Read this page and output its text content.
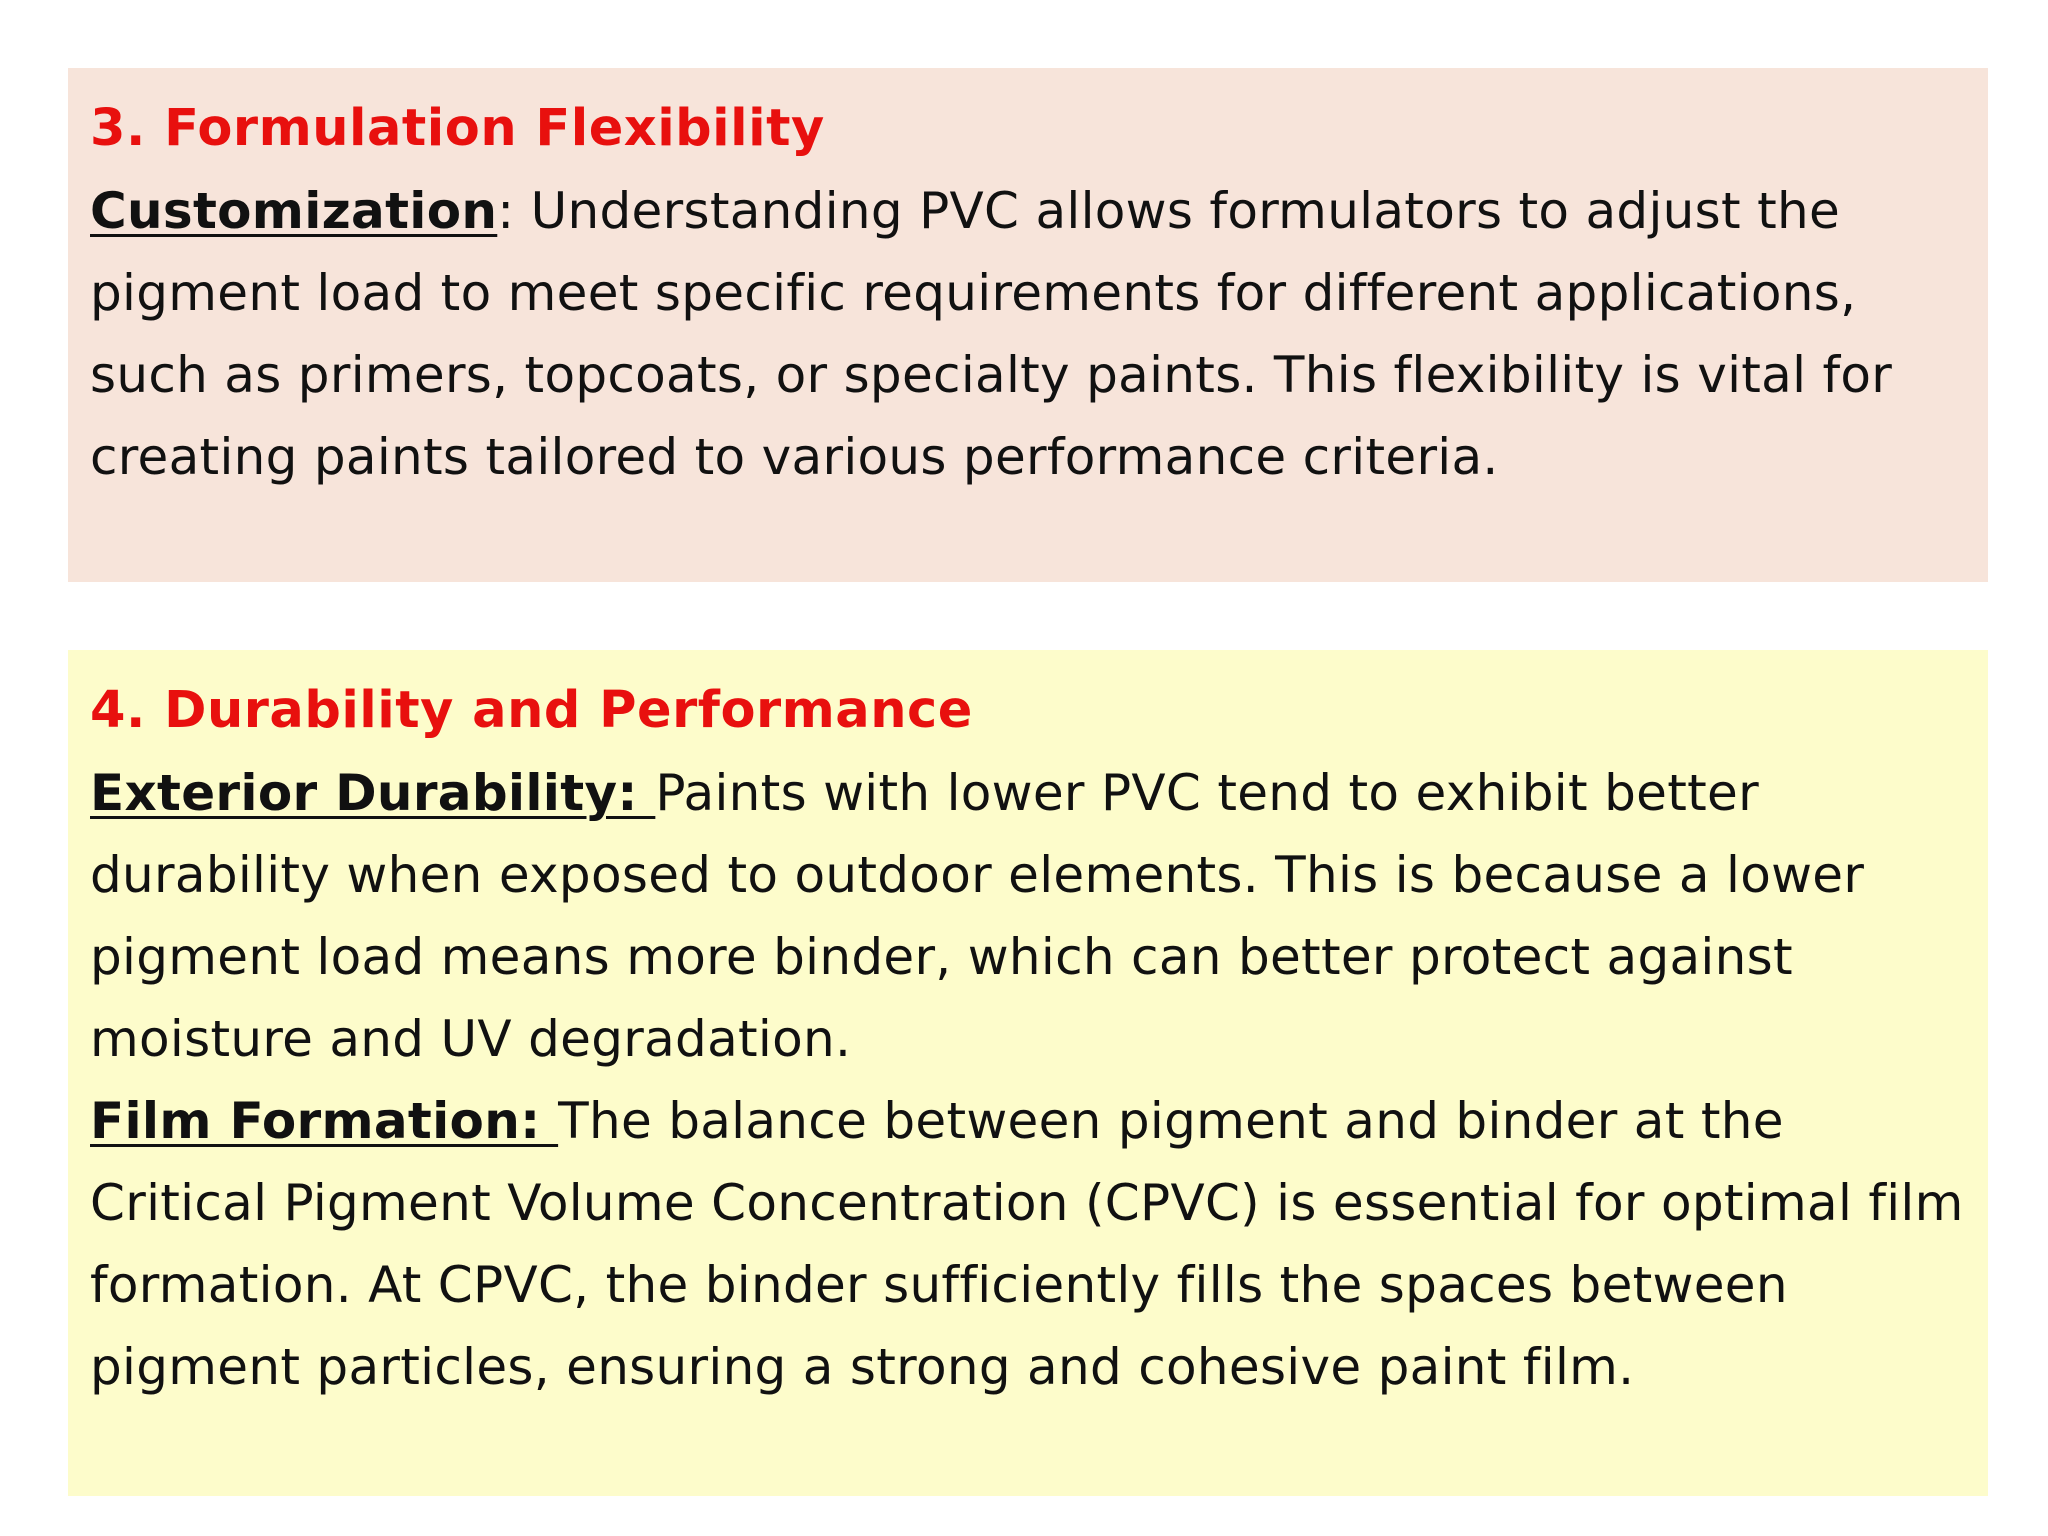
3. Formulation Flexibility

Customization: Understanding PVC allows formulators to adjust the pigment load to meet specific requirements for different applications, such as primers, topcoats, or specialty paints. This flexibility is vital for creating paints tailored to various performance criteria.

4. Durability and Performance

Exterior Durability: Paints with lower PVC tend to exhibit better durability when exposed to outdoor elements. This is because a lower pigment load means more binder, which can better protect against moisture and UV degradation.

Film Formation: The balance between pigment and binder at the Critical Pigment Volume Concentration (CPVC) is essential for optimal film formation. At CPVC, the binder sufficiently fills the spaces between pigment particles, ensuring a strong and cohesive paint film.
